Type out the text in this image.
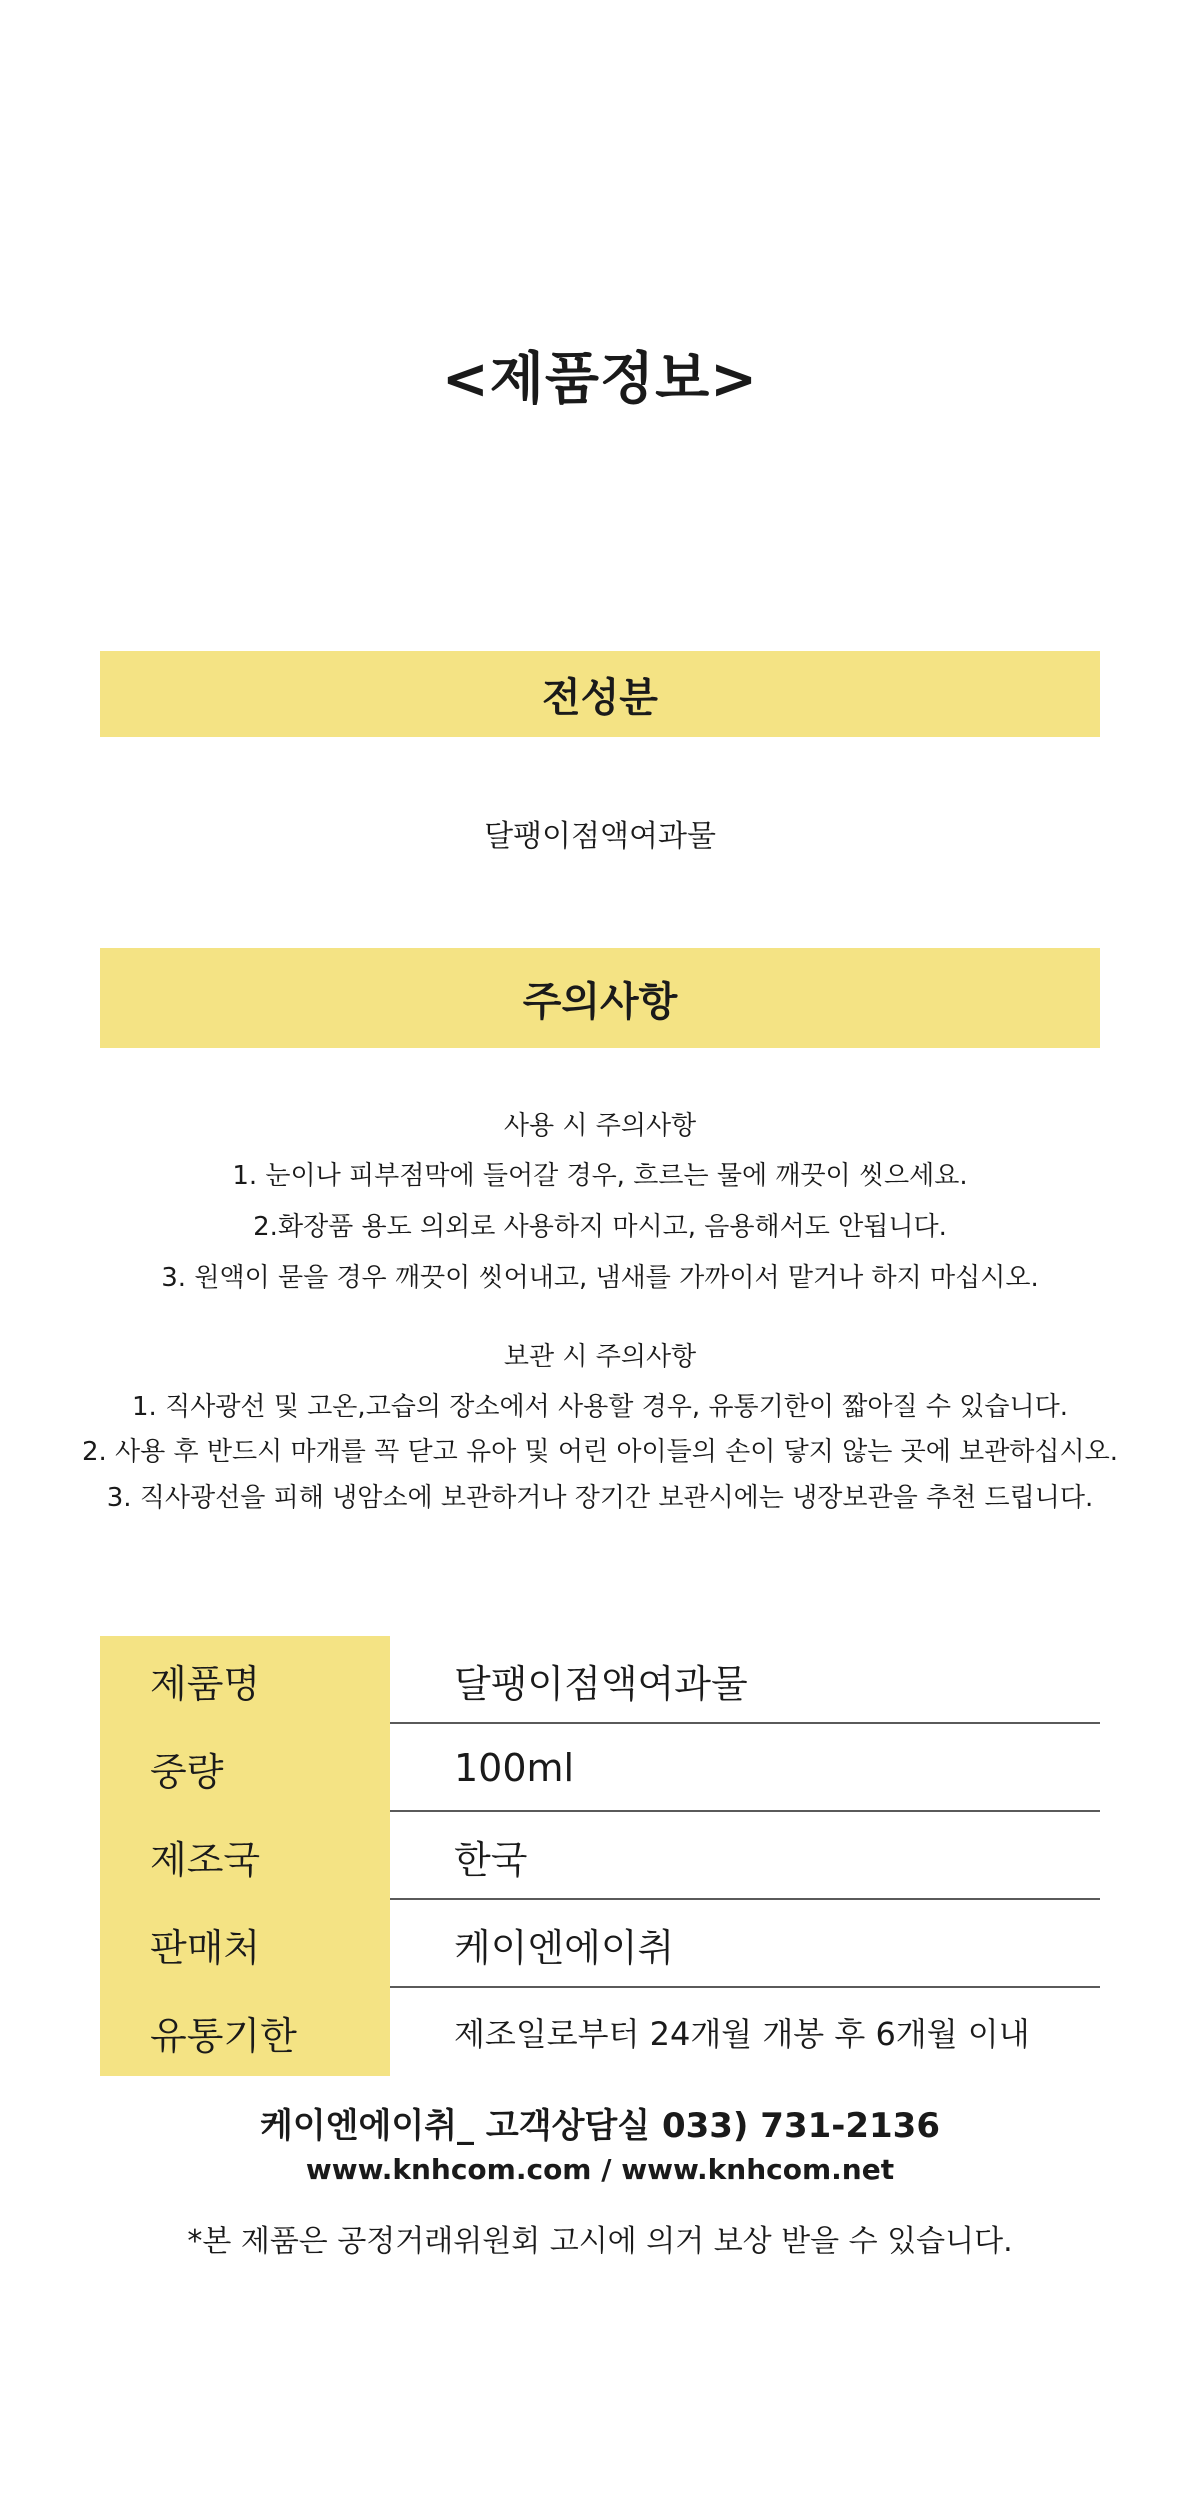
<제품정보>
전성분
달팽이점액여과물
주의사항
사용 시 주의사항
1. 눈이나 피부점막에 들어갈 경우, 흐르는 물에 깨끗이 씻으세요.
2.화장품 용도 의외로 사용하지 마시고, 음용해서도 안됩니다.
3. 원액이 묻을 경우 깨끗이 씻어내고, 냄새를 가까이서 맡거나 하지 마십시오.
보관 시 주의사항
1. 직사광선 및 고온,고습의 장소에서 사용할 경우, 유통기한이 짧아질 수 있습니다.
2. 사용 후 반드시 마개를 꼭 닫고 유아 및 어린 아이들의 손이 닿지 않는 곳에 보관하십시오.
3. 직사광선을 피해 냉암소에 보관하거나 장기간 보관시에는 냉장보관을 추천 드립니다.
제품명	달팽이점액여과물
중량	100ml
제조국	한국
판매처	케이엔에이취
유통기한	제조일로부터 24개월 개봉 후 6개월 이내
케이엔에이취_ 고객상담실 033) 731-2136
www.knhcom.com / www.knhcom.net
*본 제품은 공정거래위원회 고시에 의거 보상 받을 수 있습니다.
